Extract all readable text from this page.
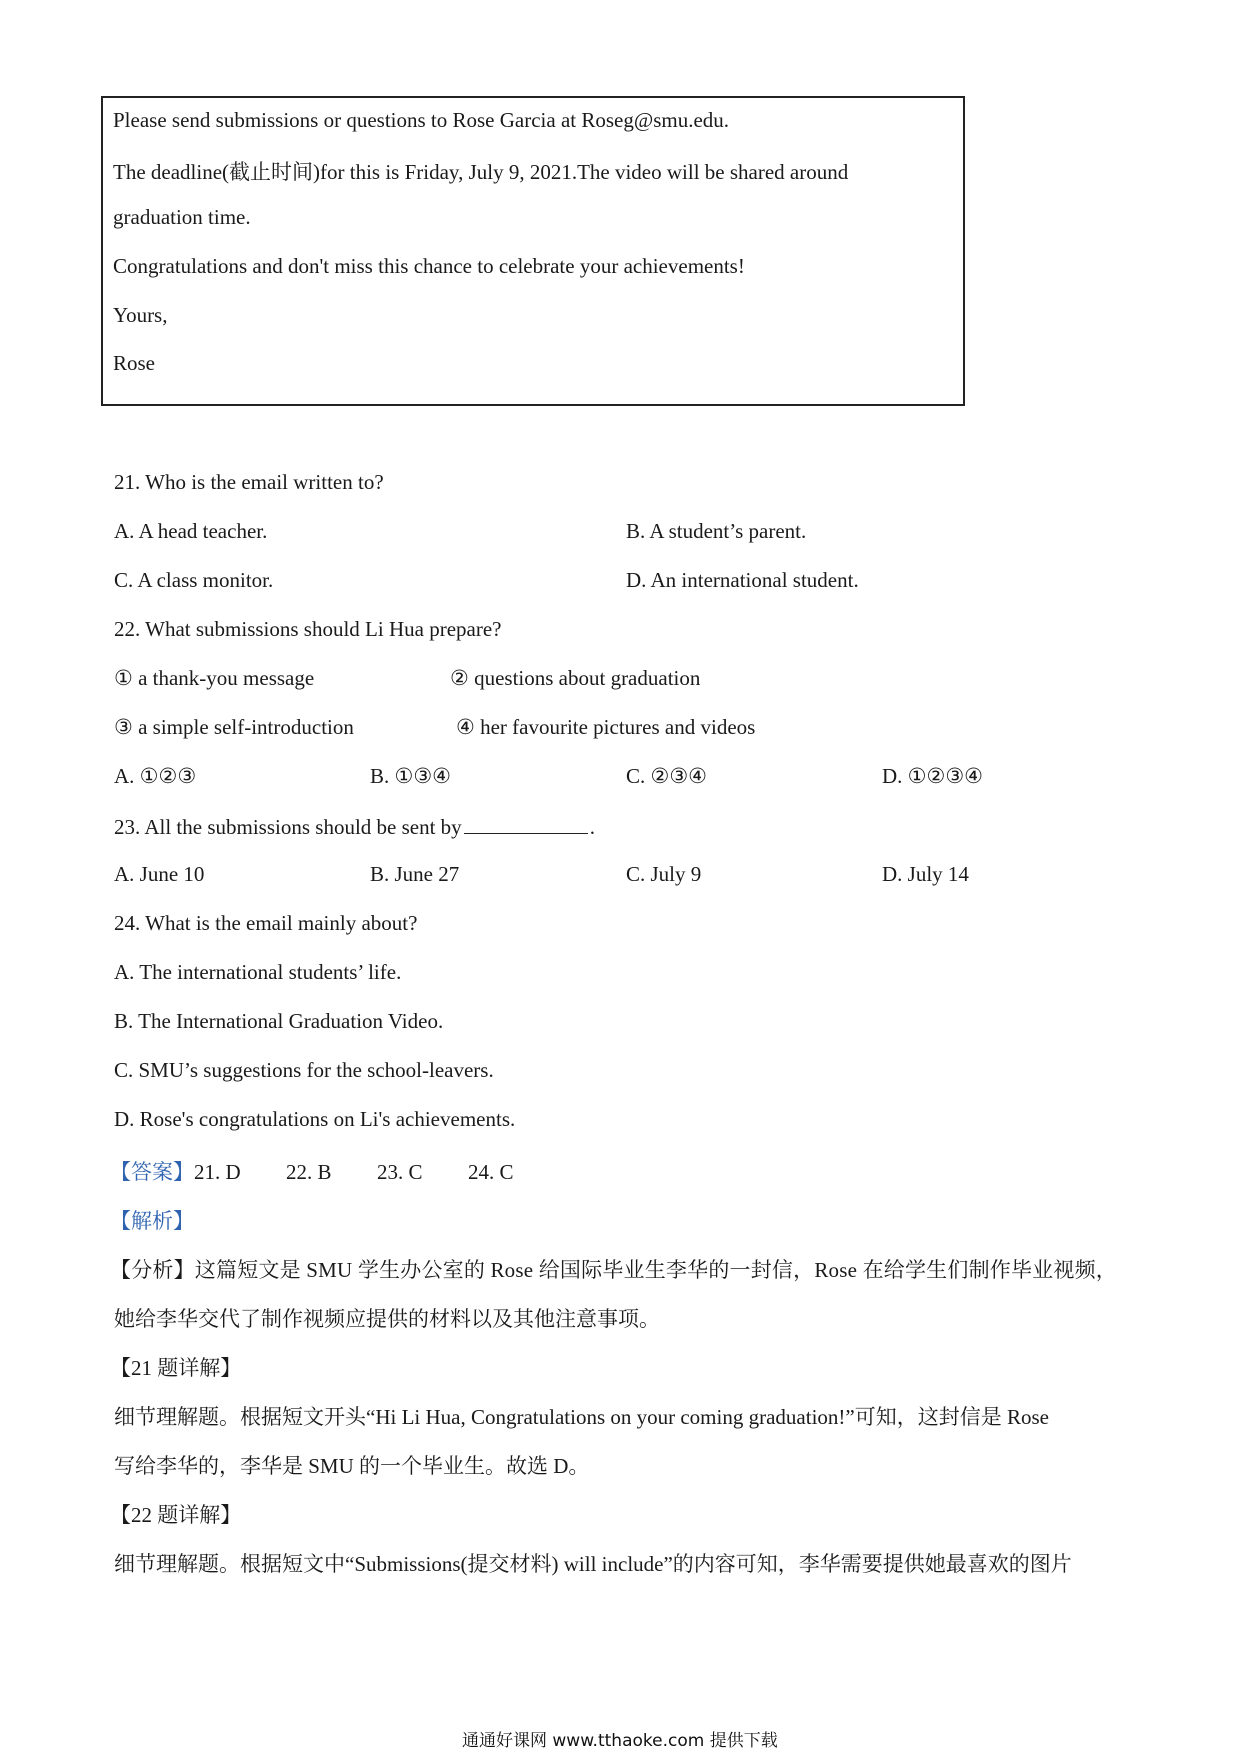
Please send submissions or questions to Rose Garcia at Roseg@smu.edu.
The deadline(截止时间)for this is Friday, July 9, 2021.The video will be shared around
graduation time.
Congratulations and don't miss this chance to celebrate your achievements!
Yours,
Rose
21. Who is the email written to?
A. A head teacher.	B. A student’s parent.
C. A class monitor.	D. An international student.
22. What submissions should Li Hua prepare?
① a thank-you message	② questions about graduation
③ a simple self-introduction	④ her favourite pictures and videos
A. ①②③	B. ①③④	C. ②③④	D. ①②③④
23. All the submissions should be sent by	.
A. June 10	B. June 27	C. July 9	D. July 14
24. What is the email mainly about?
A. The international students’ life.
B. The International Graduation Video.
C. SMU’s suggestions for the school-leavers.
D. Rose's congratulations on Li's achievements.
【答案】21. D 22. B 23. C 24. C
【解析】
【分析】这篇短文是 SMU 学生办公室的 Rose 给国际毕业生李华的一封信，Rose 在给学生们制作毕业视频，
她给李华交代了制作视频应提供的材料以及其他注意事项。
【21 题详解】
细节理解题。根据短文开头“Hi Li Hua, Congratulations on your coming graduation!”可知，这封信是 Rose
写给李华的，李华是 SMU 的一个毕业生。故选 D。
【22 题详解】
细节理解题。根据短文中“Submissions(提交材料) will include”的内容可知，李华需要提供她最喜欢的图片
通通好课网 www.tthaoke.com 提供下载
